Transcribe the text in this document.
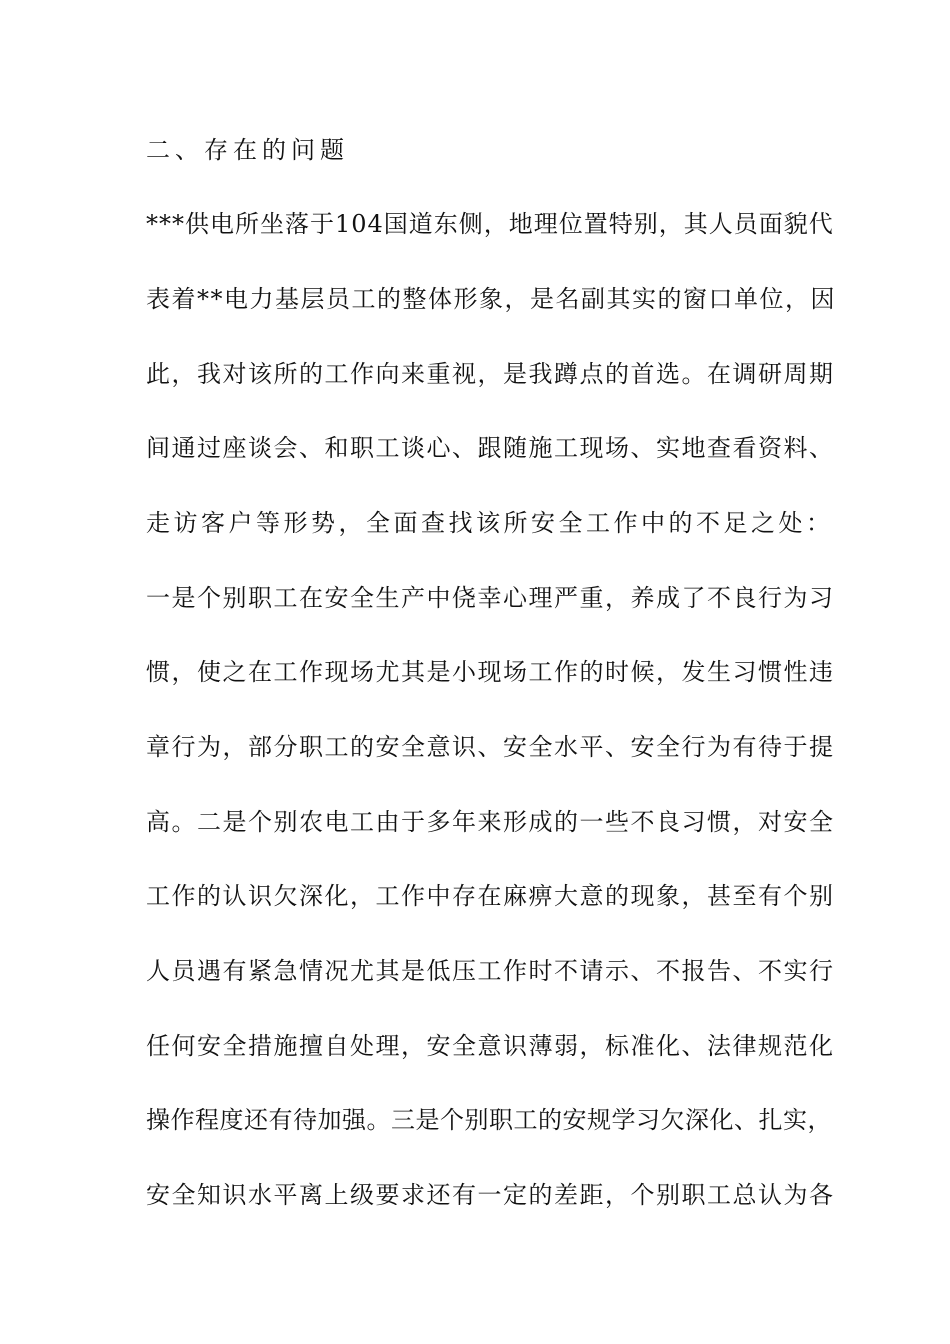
二、存在的问题
***供电所坐落于104国道东侧，地理位置特别，其人员面貌代
表着**电力基层员工的整体形象，是名副其实的窗口单位，因
此，我对该所的工作向来重视，是我蹲点的首选。在调研周期
间通过座谈会、和职工谈心、跟随施工现场、实地查看资料、
走访客户等形势，全面查找该所安全工作中的不足之处：
一是个别职工在安全生产中侥幸心理严重，养成了不良行为习
惯，使之在工作现场尤其是小现场工作的时候，发生习惯性违
章行为，部分职工的安全意识、安全水平、安全行为有待于提
高。二是个别农电工由于多年来形成的一些不良习惯，对安全
工作的认识欠深化，工作中存在麻痹大意的现象，甚至有个别
人员遇有紧急情况尤其是低压工作时不请示、不报告、不实行
任何安全措施擅自处理，安全意识薄弱，标准化、法律规范化
操作程度还有待加强。三是个别职工的安规学习欠深化、扎实，
安全知识水平离上级要求还有一定的差距，个别职工总认为各
